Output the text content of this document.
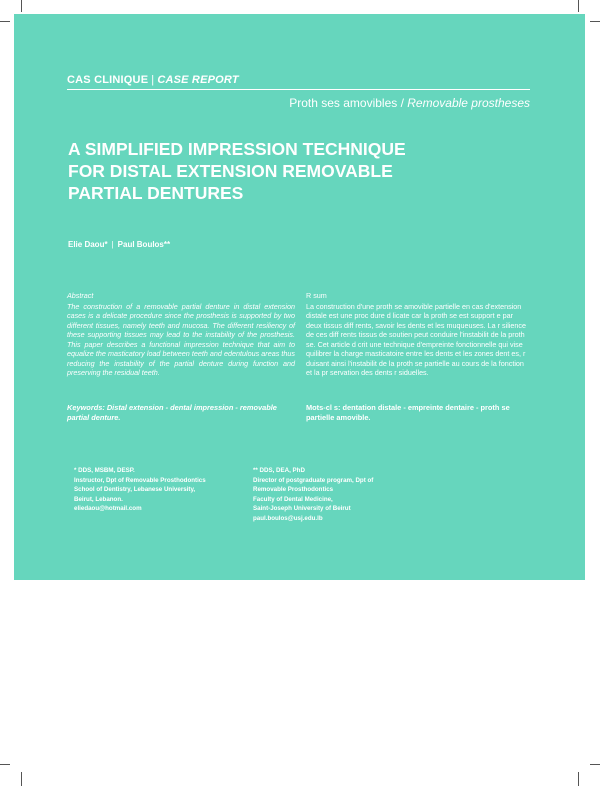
CAS CLINIQUE | CASE REPORT
Proth ses amovibles / Removable prostheses
A SIMPLIFIED IMPRESSION TECHNIQUE
FOR DISTAL EXTENSION REMOVABLE
PARTIAL DENTURES
Elie Daou* | Paul Boulos**
Abstract
The construction of a removable partial denture in distal extension cases is a delicate procedure since the prosthesis is supported by two different tissues, namely teeth and mucosa. The different resiliency of these supporting tissues may lead to the instability of the prosthesis. This paper describes a functional impression technique that aim to equalize the masticatory load between teeth and edentulous areas thus reducing the instability of the partial denture during function and preserving the residual teeth.
R sum
La construction d'une proth se amovible partielle en cas d'extension distale est une proc dure d licate car la proth se est support e par deux tissus diff rents, savoir les dents et les muqueuses. La r silience de ces diff rents tissus de soutien peut conduire l'instabilit de la proth se. Cet article d crit une technique d'empreinte fonctionnelle qui vise quilibrer la charge masticatoire entre les dents et les zones dent es, r duisant ainsi l'instabilit de la proth se partielle au cours de la fonction et la pr servation des dents r siduelles.
Keywords: Distal extension - dental impression - removable partial denture.
Mots-cl s: dentation distale - empreinte dentaire - proth se partielle amovible.
* DDS, MSBM, DESP.
Instructor, Dpt of Removable Prosthodontics
School of Dentistry, Lebanese University,
Beirut, Lebanon.
eliedaou@hotmail.com
** DDS, DEA, PhD
Director of postgraduate program, Dpt of
Removable Prosthodontics
Faculty of Dental Medicine,
Saint-Joseph University of Beirut
paul.boulos@usj.edu.lb
